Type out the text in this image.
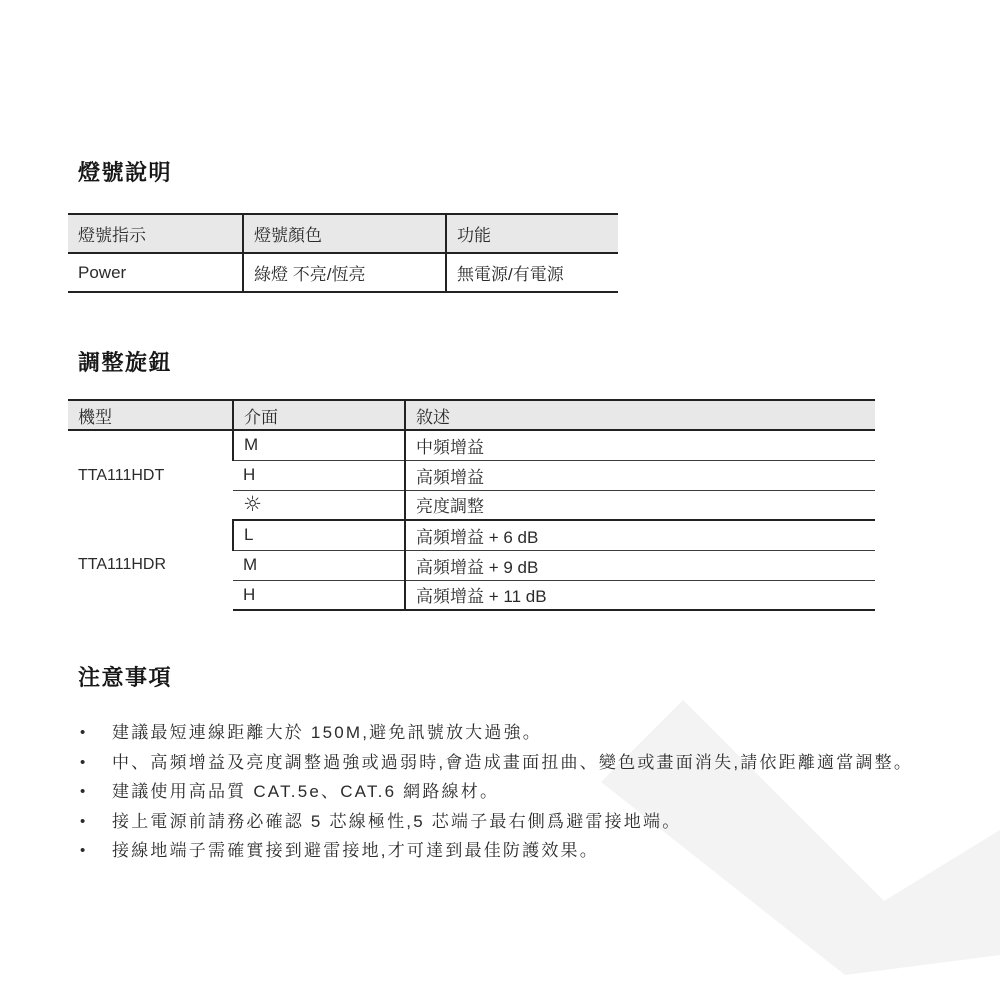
燈號說明
燈號指示	燈號顏色	功能
Power	綠燈 不亮/恆亮	無電源/有電源
調整旋鈕
機型	介面	敘述
TTA111HDT	M	中頻增益
	H	高頻增益
	☼	亮度調整
TTA111HDR	L	高頻增益 + 6 dB
	M	高頻增益 + 9 dB
	H	高頻增益 + 11 dB
注意事項
• 建議最短連線距離大於 150M,避免訊號放大過強。
• 中、高頻增益及亮度調整過強或過弱時,會造成畫面扭曲、變色或畫面消失,請依距離適當調整。
• 建議使用高品質 CAT.5e、CAT.6 網路線材。
• 接上電源前請務必確認 5 芯線極性,5 芯端子最右側爲避雷接地端。
• 接線地端子需確實接到避雷接地,才可達到最佳防護效果。
